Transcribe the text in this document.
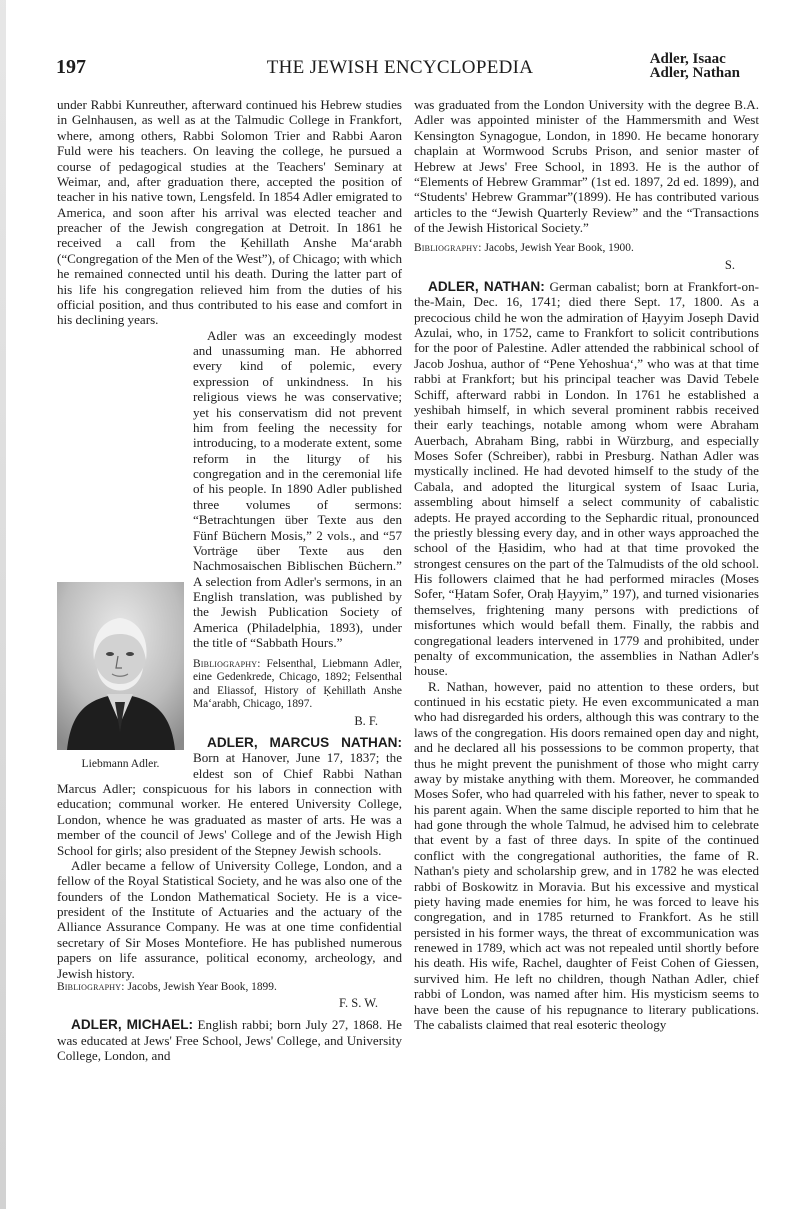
197	THE JEWISH ENCYCLOPEDIA	Adler, Isaac
Adler, Nathan

under Rabbi Kunreuther, afterward continued his Hebrew studies in Gelnhausen, as well as at the Talmudic College in Frankfort, where, among others, Rabbi Solomon Trier and Rabbi Aaron Fuld were his teachers. On leaving the college, he pursued a course of pedagogical studies at the Teachers' Seminary at Weimar, and, after graduation there, accepted the position of teacher in his native town, Lengsfeld. In 1854 Adler emigrated to America, and soon after his arrival was elected teacher and preacher of the Jewish congregation at Detroit. In 1861 he received a call from the Ḳehillath Anshe Ma‘arabh (“Congregation of the Men of the West”), of Chicago; with which he remained connected until his death. During the latter part of his life his congregation relieved him from the duties of his official position, and thus contributed to his ease and comfort in his declining years.

Liebmann Adler.

Adler was an exceedingly modest and unassuming man. He abhorred every kind of polemic, every expression of unkindness. In his religious views he was conservative; yet his conservatism did not prevent him from feeling the necessity for introducing, to a moderate extent, some reform in the liturgy of his congregation and in the ceremonial life of his people. In 1890 Adler published three volumes of sermons: “Betrachtungen über Texte aus den Fünf Büchern Mosis,” 2 vols., and “57 Vorträge über Texte aus den Nachmosaischen Biblischen Büchern.” A selection from Adler's sermons, in an English translation, was published by the Jewish Publication Society of America (Philadelphia, 1893), under the title of “Sabbath Hours.”

Bibliography: Felsenthal, Liebmann Adler, eine Gedenkrede, Chicago, 1892; Felsenthal and Eliassof, History of Ḳehillath Anshe Ma‘arabh, Chicago, 1897.

B. F.

ADLER, MARCUS NATHAN: Born at Hanover, June 17, 1837; the eldest son of Chief Rabbi Nathan Marcus Adler; conspicuous for his labors in connection with education; communal worker. He entered University College, London, whence he was graduated as master of arts. He was a member of the council of Jews' College and of the Jewish High School for girls; also president of the Stepney Jewish schools.

Adler became a fellow of University College, London, and a fellow of the Royal Statistical Society, and he was also one of the founders of the London Mathematical Society. He is a vice-president of the Institute of Actuaries and the actuary of the Alliance Assurance Company. He was at one time confidential secretary of Sir Moses Montefiore. He has published numerous papers on life assurance, political economy, archeology, and Jewish history.

Bibliography: Jacobs, Jewish Year Book, 1899.

F. S. W.

ADLER, MICHAEL: English rabbi; born July 27, 1868. He was educated at Jews' Free School, Jews' College, and University College, London, and

was graduated from the London University with the degree B.A. Adler was appointed minister of the Hammersmith and West Kensington Synagogue, London, in 1890. He became honorary chaplain at Wormwood Scrubs Prison, and senior master of Hebrew at Jews' Free School, in 1893. He is the author of “Elements of Hebrew Grammar” (1st ed. 1897, 2d ed. 1899), and “Students' Hebrew Grammar”(1899). He has contributed various articles to the “Jewish Quarterly Review” and the “Transactions of the Jewish Historical Society.”

Bibliography: Jacobs, Jewish Year Book, 1900.

S.

ADLER, NATHAN: German cabalist; born at Frankfort-on-the-Main, Dec. 16, 1741; died there Sept. 17, 1800. As a precocious child he won the admiration of Ḥayyim Joseph David Azulai, who, in 1752, came to Frankfort to solicit contributions for the poor of Palestine. Adler attended the rabbinical school of Jacob Joshua, author of “Pene Yehoshua‘,” who was at that time rabbi at Frankfort; but his principal teacher was David Tebele Schiff, afterward rabbi in London. In 1761 he established a yeshibah himself, in which several prominent rabbis received their early teachings, notable among whom were Abraham Auerbach, Abraham Bing, rabbi in Würzburg, and especially Moses Sofer (Schreiber), rabbi in Presburg. Nathan Adler was mystically inclined. He had devoted himself to the study of the Cabala, and adopted the liturgical system of Isaac Luria, assembling about himself a select community of cabalistic adepts. He prayed according to the Sephardic ritual, pronounced the priestly blessing every day, and in other ways approached the school of the Ḥasidim, who had at that time provoked the strongest censures on the part of the Talmudists of the old school. His followers claimed that he had performed miracles (Moses Sofer, “Ḥatam Sofer, Oraḥ Ḥayyim,” 197), and turned visionaries themselves, frightening many persons with predictions of misfortunes which would befall them. Finally, the rabbis and congregational leaders intervened in 1779 and prohibited, under penalty of excommunication, the assemblies in Nathan Adler's house.

R. Nathan, however, paid no attention to these orders, but continued in his ecstatic piety. He even excommunicated a man who had disregarded his orders, although this was contrary to the laws of the congregation. His doors remained open day and night, and he declared all his possessions to be common property, that thus he might prevent the punishment of those who might carry away by mistake anything with them. Moreover, he commanded Moses Sofer, who had quarreled with his father, never to speak to his parent again. When the same disciple reported to him that he had gone through the whole Talmud, he advised him to celebrate that event by a fast of three days. In spite of the continued conflict with the congregational authorities, the fame of R. Nathan's piety and scholarship grew, and in 1782 he was elected rabbi of Boskowitz in Moravia. But his excessive and mystical piety having made enemies for him, he was forced to leave his congregation, and in 1785 returned to Frankfort. As he still persisted in his former ways, the threat of excommunication was renewed in 1789, which act was not repealed until shortly before his death. His wife, Rachel, daughter of Feist Cohen of Giessen, survived him. He left no children, though Nathan Adler, chief rabbi of London, was named after him. His mysticism seems to have been the cause of his repugnance to literary publications. The cabalists claimed that real esoteric theology
